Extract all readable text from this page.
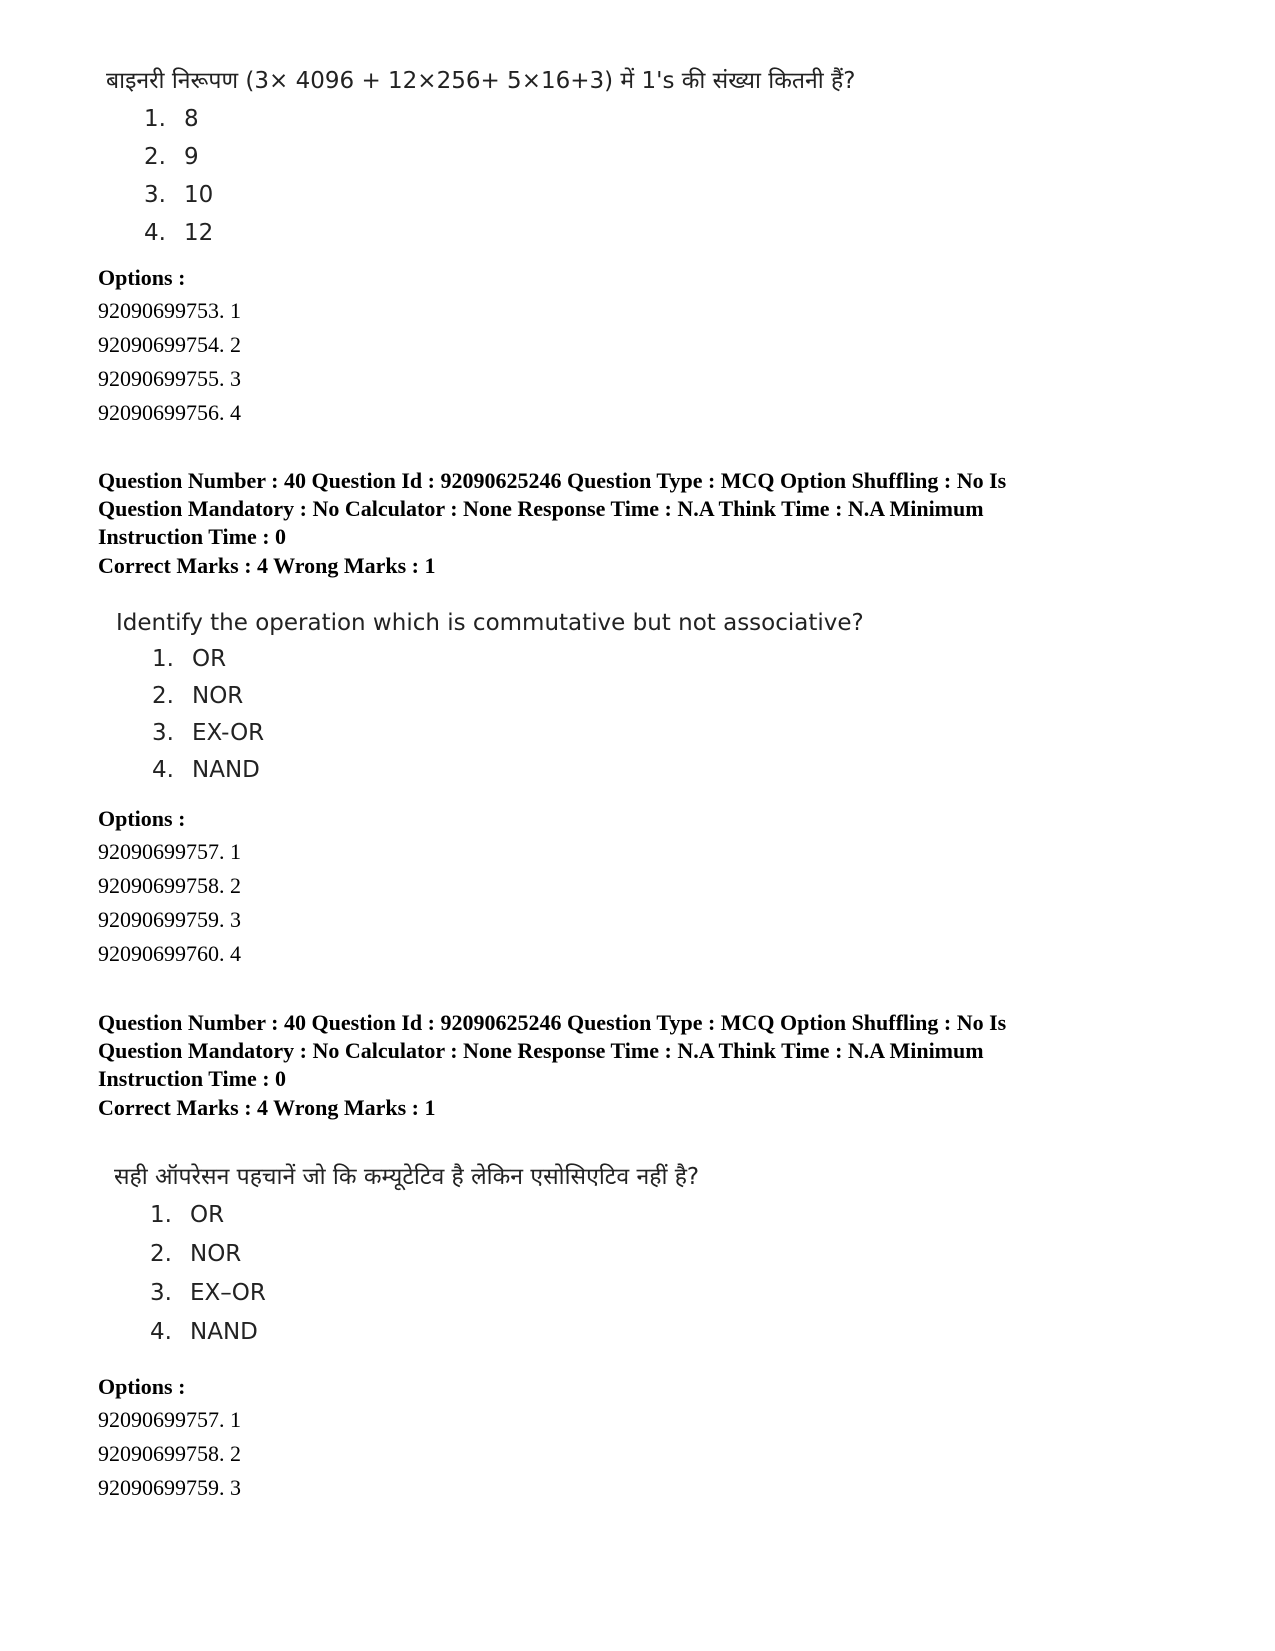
बाइनरी निरूपण (3× 4096 + 12×256+ 5×16+3) में 1's की संख्या कितनी हैं?
1. 8
2. 9
3. 10
4. 12
Options :
92090699753. 1
92090699754. 2
92090699755. 3
92090699756. 4
Question Number : 40 Question Id : 92090625246 Question Type : MCQ Option Shuffling : No Is
Question Mandatory : No Calculator : None Response Time : N.A Think Time : N.A Minimum
Instruction Time : 0
Correct Marks : 4 Wrong Marks : 1
Identify the operation which is commutative but not associative?
1. OR
2. NOR
3. EX-OR
4. NAND
Options :
92090699757. 1
92090699758. 2
92090699759. 3
92090699760. 4
Question Number : 40 Question Id : 92090625246 Question Type : MCQ Option Shuffling : No Is
Question Mandatory : No Calculator : None Response Time : N.A Think Time : N.A Minimum
Instruction Time : 0
Correct Marks : 4 Wrong Marks : 1
सही ऑपरेसन पहचानें जो कि कम्यूटेटिव है लेकिन एसोसिएटिव नहीं है?
1. OR
2. NOR
3. EX–OR
4. NAND
Options :
92090699757. 1
92090699758. 2
92090699759. 3
